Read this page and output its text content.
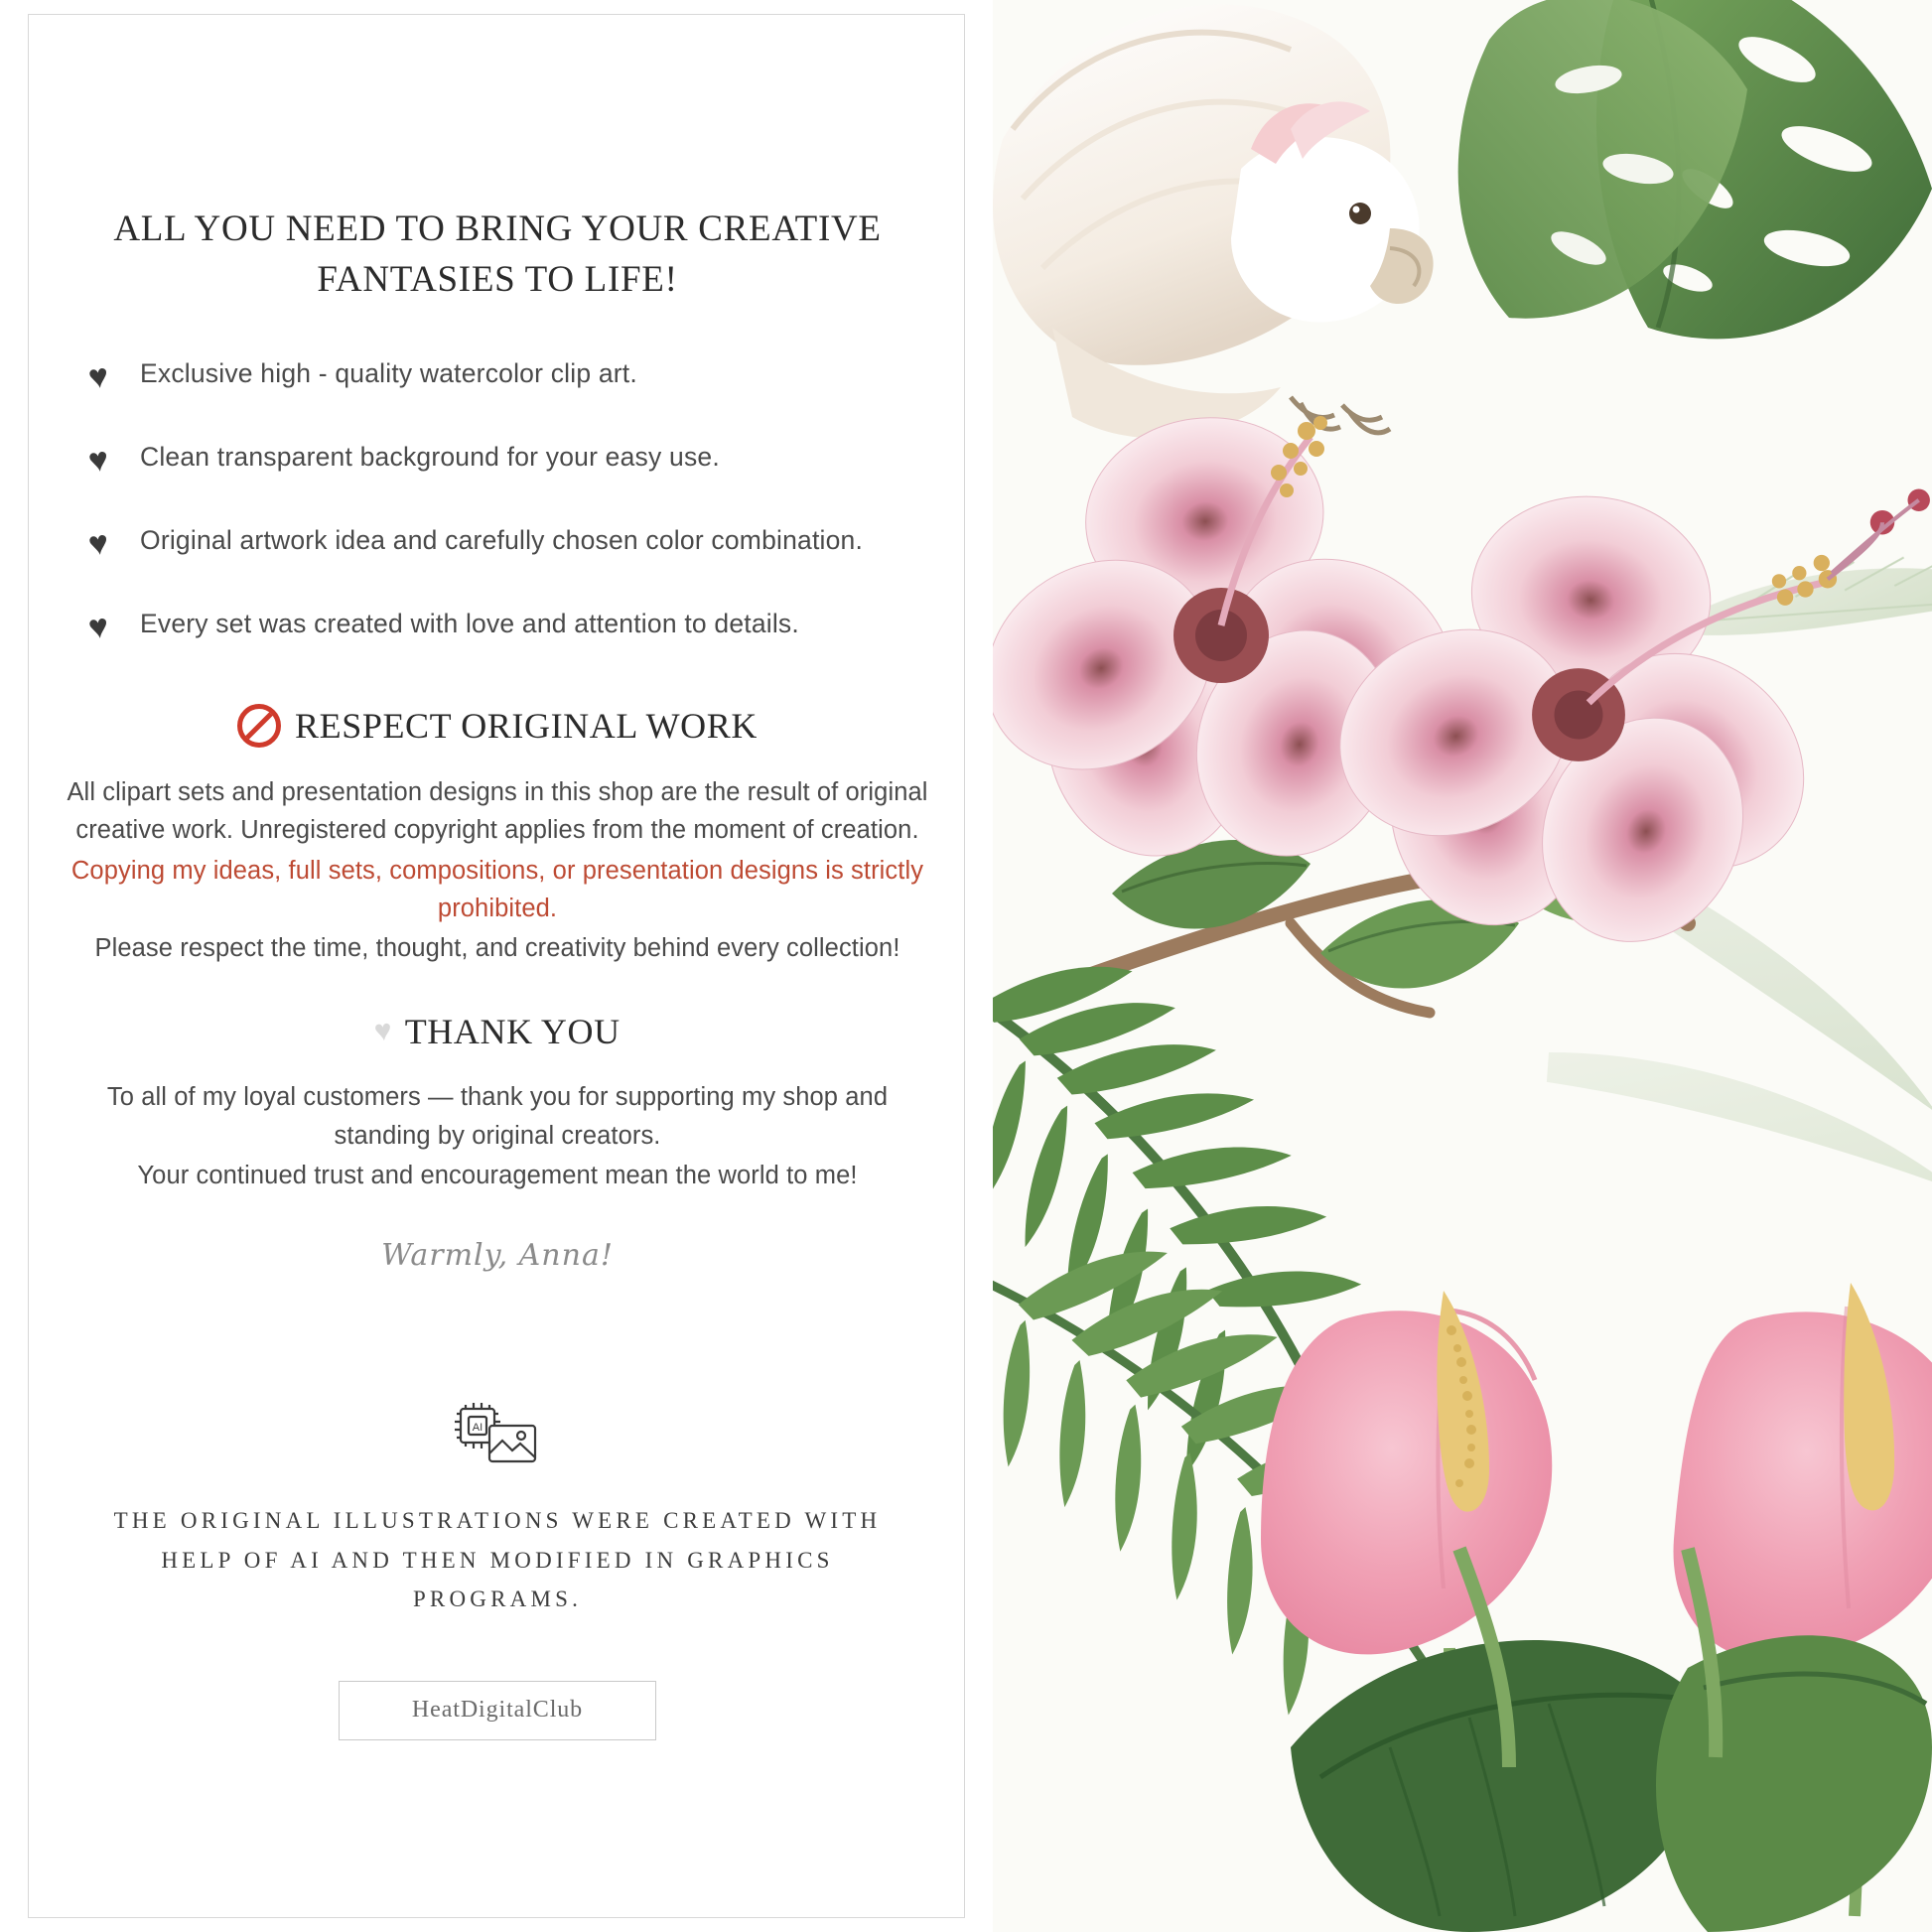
ALL YOU NEED TO BRING YOUR CREATIVE FANTASIES TO LIFE!
♥	Exclusive high - quality watercolor clip art.
♥	Clean transparent background for your easy use.
♥	Original artwork idea and carefully chosen color combination.
♥	Every set was created with love and attention to details.
RESPECT ORIGINAL WORK

All clipart sets and presentation designs in this shop are the result of original creative work. Unregistered copyright applies from the moment of creation.

Copying my ideas, full sets, compositions, or presentation designs is strictly prohibited.

Please respect the time, thought, and creativity behind every collection!

♥ THANK YOU

To all of my loyal customers — thank you for supporting my shop and standing by original creators.

Your continued trust and encouragement mean the world to me!

Warmly, Anna!

AI

THE ORIGINAL ILLUSTRATIONS WERE CREATED WITH HELP OF AI AND THEN MODIFIED IN GRAPHICS PROGRAMS.

HeatDigitalClub
